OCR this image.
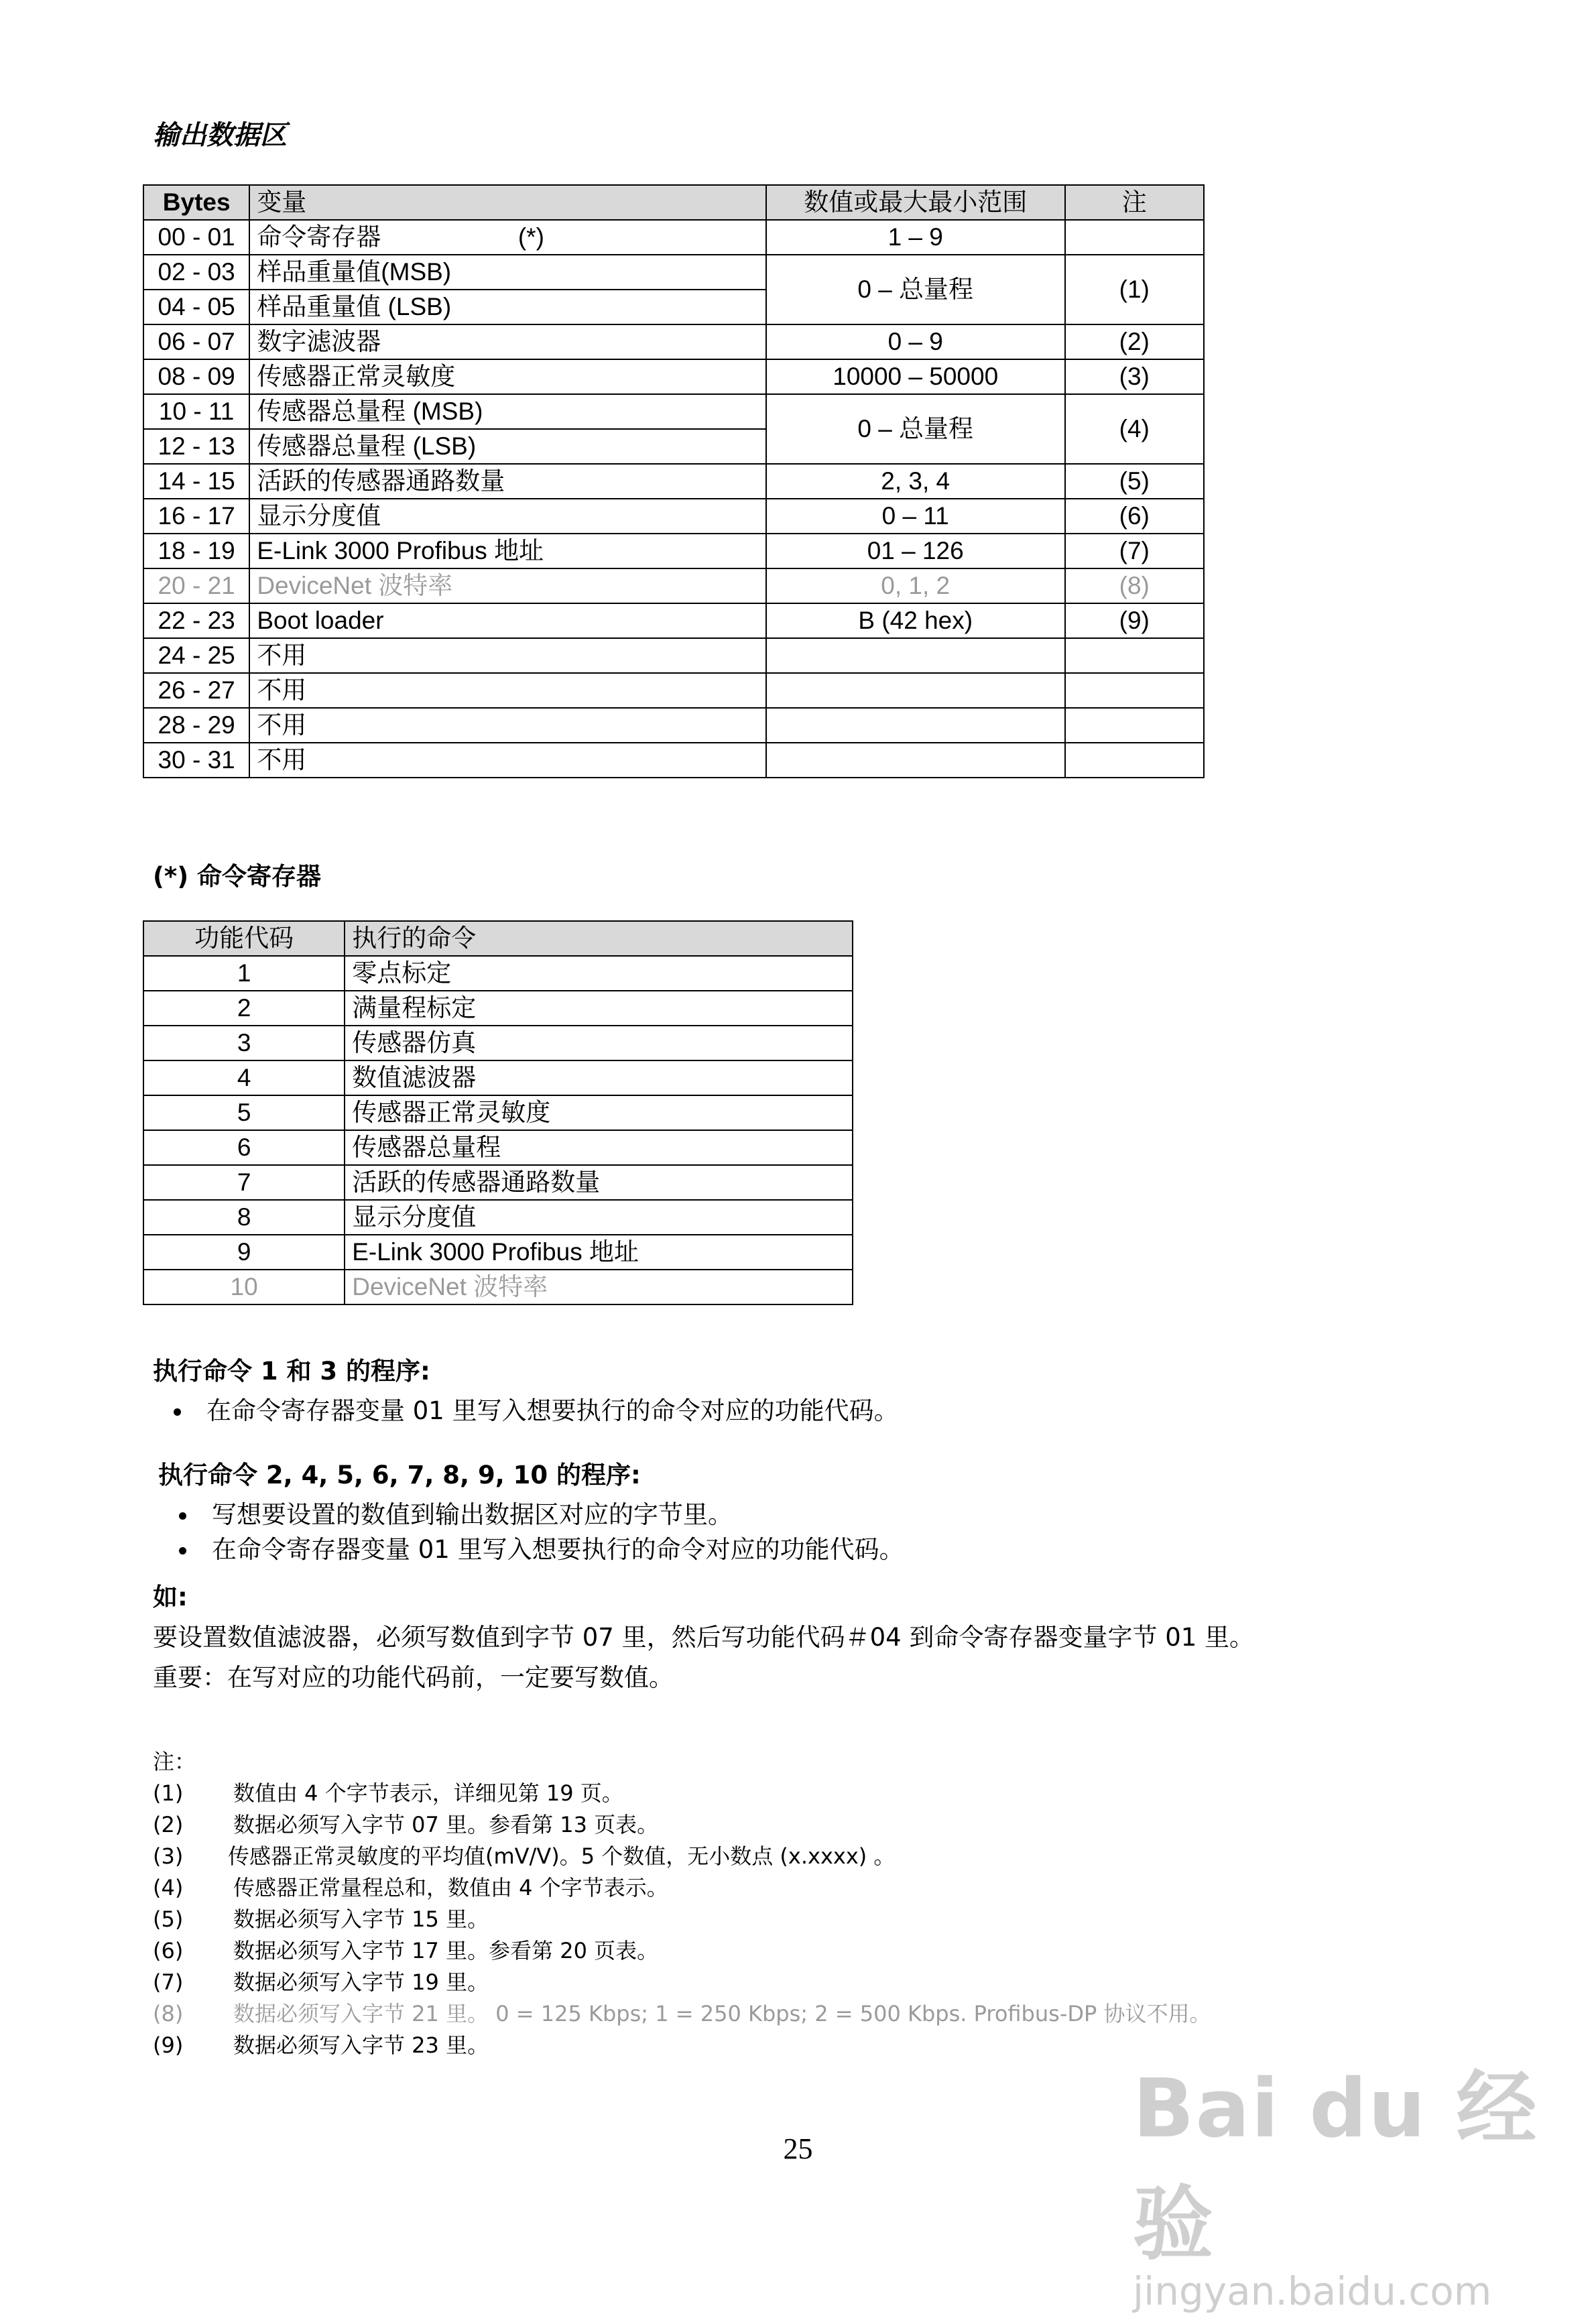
输出数据区
Bytes	变量	数值或最大最小范围	注
00 - 01	命令寄存器 (*)	1 – 9	
02 - 03	样品重量值(MSB)	0 – 总量程	(1)
04 - 05	样品重量值 (LSB)		
06 - 07	数字滤波器	0 – 9	(2)
08 - 09	传感器正常灵敏度	10000 – 50000	(3)
10 - 11	传感器总量程 (MSB)	0 – 总量程	(4)
12 - 13	传感器总量程 (LSB)		
14 - 15	活跃的传感器通路数量	2, 3, 4	(5)
16 - 17	显示分度值	0 – 11	(6)
18 - 19	E-Link 3000 Profibus 地址	01 – 126	(7)
20 - 21	DeviceNet 波特率	0, 1, 2	(8)
22 - 23	Boot loader	B (42 hex)	(9)
24 - 25	不用		
26 - 27	不用		
28 - 29	不用		
30 - 31	不用		
(*) 命令寄存器
功能代码	执行的命令
1	零点标定
2	满量程标定
3	传感器仿真
4	数值滤波器
5	传感器正常灵敏度
6	传感器总量程
7	活跃的传感器通路数量
8	显示分度值
9	E-Link 3000 Profibus 地址
10	DeviceNet 波特率
执行命令 1 和 3 的程序:
• 在命令寄存器变量 01 里写入想要执行的命令对应的功能代码。
执行命令 2, 4, 5, 6, 7, 8, 9, 10 的程序:
• 写想要设置的数值到输出数据区对应的字节里。
• 在命令寄存器变量 01 里写入想要执行的命令对应的功能代码。
如:
要设置数值滤波器，必须写数值到字节 07 里，然后写功能代码＃04 到命令寄存器变量字节 01 里。
重要：在写对应的功能代码前，一定要写数值。
注：
(1)	数值由 4 个字节表示，详细见第 19 页。
(2)	数据必须写入字节 07 里。参看第 13 页表。
(3)	传感器正常灵敏度的平均值(mV/V)。5 个数值，无小数点 (x.xxxx) 。
(4)	传感器正常量程总和，数值由 4 个字节表示。
(5)	数据必须写入字节 15 里。
(6)	数据必须写入字节 17 里。参看第 20 页表。
(7)	数据必须写入字节 19 里。
(8)	数据必须写入字节 21 里。 0 = 125 Kbps; 1 = 250 Kbps; 2 = 500 Kbps. Profibus-DP 协议不用。
(9)	数据必须写入字节 23 里。
25	Bai du 经验
jingyan.baidu.com
